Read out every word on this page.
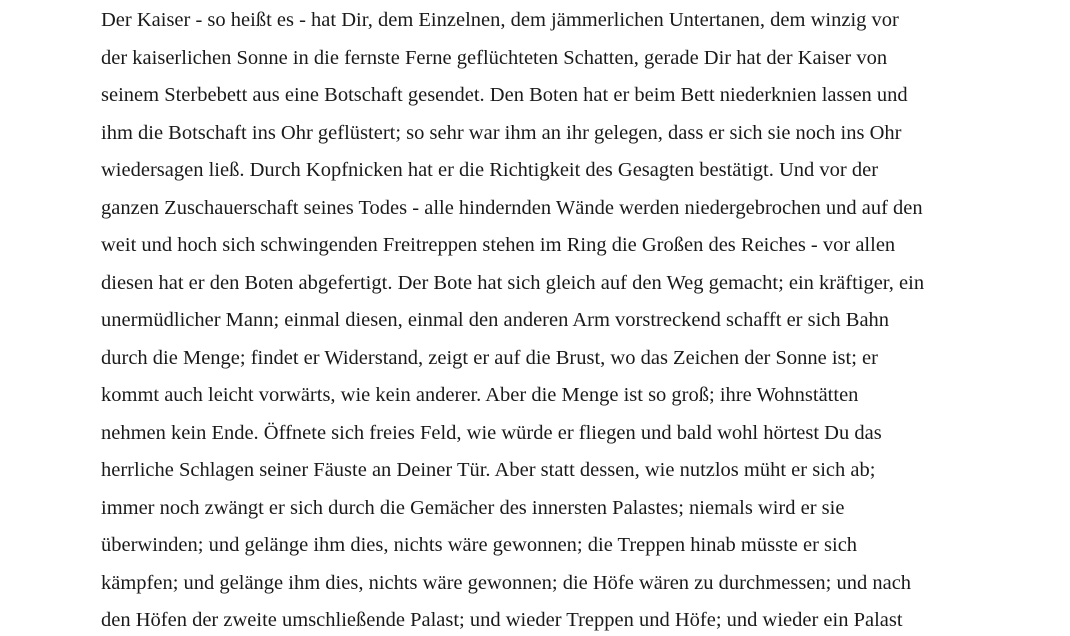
Der Kaiser - so heißt es - hat Dir, dem Einzelnen, dem jämmerlichen Untertanen, dem winzig vor
der kaiserlichen Sonne in die fernste Ferne geflüchteten Schatten, gerade Dir hat der Kaiser von
seinem Sterbebett aus eine Botschaft gesendet. Den Boten hat er beim Bett niederknien lassen und
ihm die Botschaft ins Ohr geflüstert; so sehr war ihm an ihr gelegen, dass er sich sie noch ins Ohr
wiedersagen ließ. Durch Kopfnicken hat er die Richtigkeit des Gesagten bestätigt. Und vor der
ganzen Zuschauerschaft seines Todes - alle hindernden Wände werden niedergebrochen und auf den
weit und hoch sich schwingenden Freitreppen stehen im Ring die Großen des Reiches - vor allen
diesen hat er den Boten abgefertigt. Der Bote hat sich gleich auf den Weg gemacht; ein kräftiger, ein
unermüdlicher Mann; einmal diesen, einmal den anderen Arm vorstreckend schafft er sich Bahn
durch die Menge; findet er Widerstand, zeigt er auf die Brust, wo das Zeichen der Sonne ist; er
kommt auch leicht vorwärts, wie kein anderer. Aber die Menge ist so groß; ihre Wohnstätten
nehmen kein Ende. Öffnete sich freies Feld, wie würde er fliegen und bald wohl hörtest Du das
herrliche Schlagen seiner Fäuste an Deiner Tür. Aber statt dessen, wie nutzlos müht er sich ab;
immer noch zwängt er sich durch die Gemächer des innersten Palastes; niemals wird er sie
überwinden; und gelänge ihm dies, nichts wäre gewonnen; die Treppen hinab müsste er sich
kämpfen; und gelänge ihm dies, nichts wäre gewonnen; die Höfe wären zu durchmessen; und nach
den Höfen der zweite umschließende Palast; und wieder Treppen und Höfe; und wieder ein Palast
